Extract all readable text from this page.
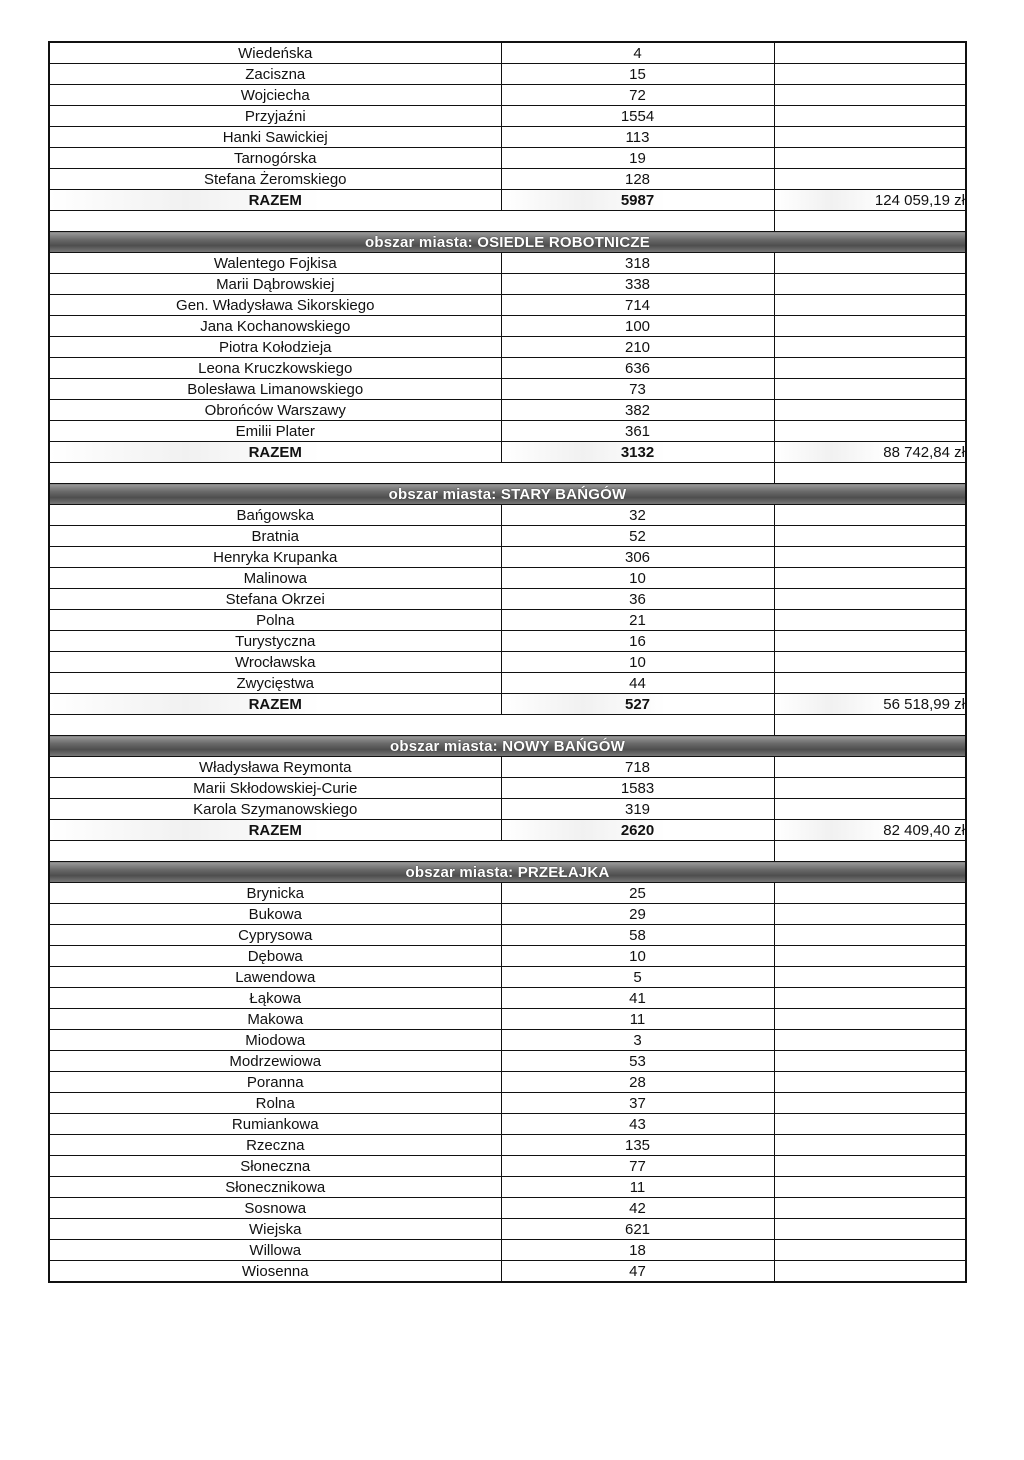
Wiedeńska	4	
Zaciszna	15	
Wojciecha	72	
Przyjaźni	1554	
Hanki Sawickiej	113	
Tarnogórska	19	
Stefana Żeromskiego	128	
RAZEM	5987	124 059,19 zł

obszar miasta: OSIEDLE ROBOTNICZE		
Walentego Fojkisa	318	
Marii Dąbrowskiej	338	
Gen. Władysława Sikorskiego	714	
Jana Kochanowskiego	100	
Piotra Kołodzieja	210	
Leona Kruczkowskiego	636	
Bolesława Limanowskiego	73	
Obrońców Warszawy	382	
Emilii Plater	361	
RAZEM	3132	88 742,84 zł

obszar miasta: STARY BAŃGÓW		
Bańgowska	32	
Bratnia	52	
Henryka Krupanka	306	
Malinowa	10	
Stefana Okrzei	36	
Polna	21	
Turystyczna	16	
Wrocławska	10	
Zwycięstwa	44	
RAZEM	527	56 518,99 zł

obszar miasta: NOWY BAŃGÓW		
Władysława Reymonta	718	
Marii Skłodowskiej-Curie	1583	
Karola Szymanowskiego	319	
RAZEM	2620	82 409,40 zł

obszar miasta: PRZEŁAJKA		
Brynicka	25	
Bukowa	29	
Cyprysowa	58	
Dębowa	10	
Lawendowa	5	
Łąkowa	41	
Makowa	11	
Miodowa	3	
Modrzewiowa	53	
Poranna	28	
Rolna	37	
Rumiankowa	43	
Rzeczna	135	
Słoneczna	77	
Słonecznikowa	11	
Sosnowa	42	
Wiejska	621	
Willowa	18	
Wiosenna	47	
